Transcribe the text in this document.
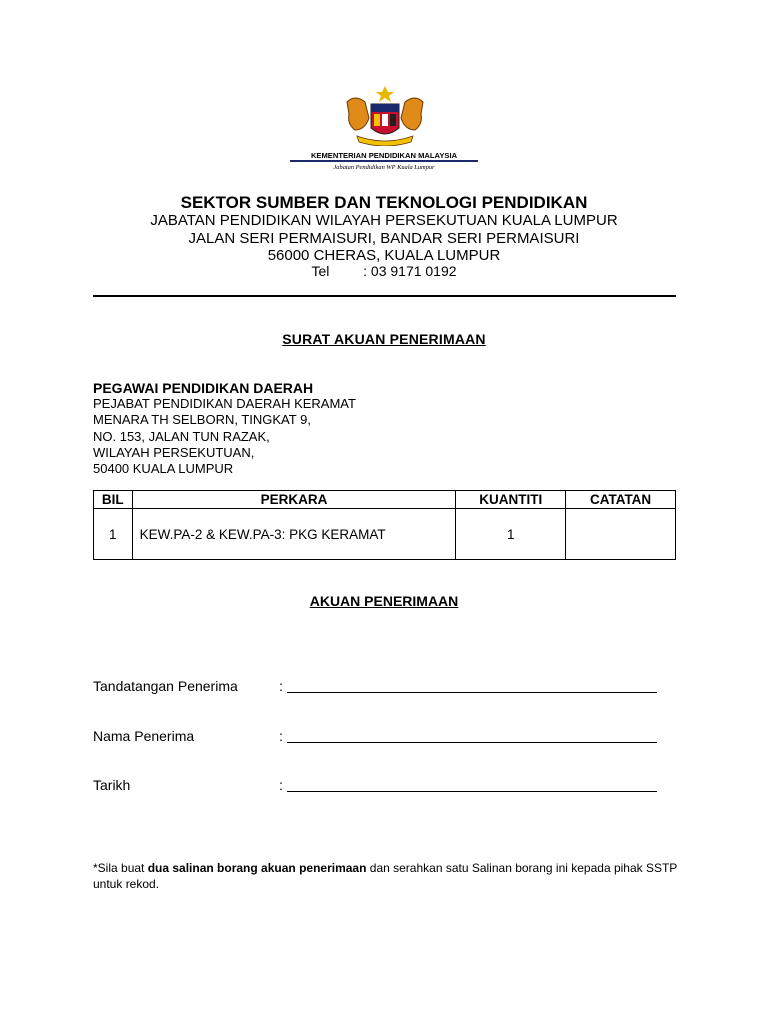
KEMENTERIAN PENDIDIKAN MALAYSIA
Jabatan Pendidikan WP Kuala Lumpur
SEKTOR SUMBER DAN TEKNOLOGI PENDIDIKAN
JABATAN PENDIDIKAN WILAYAH PERSEKUTUAN KUALA LUMPUR
JALAN SERI PERMAISURI, BANDAR SERI PERMAISURI
56000 CHERAS, KUALA LUMPUR
Tel : 03 9171 0192
SURAT AKUAN PENERIMAAN
PEGAWAI PENDIDIKAN DAERAH
PEJABAT PENDIDIKAN DAERAH KERAMAT
MENARA TH SELBORN, TINGKAT 9,
NO. 153, JALAN TUN RAZAK,
WILAYAH PERSEKUTUAN,
50400 KUALA LUMPUR
BIL	PERKARA	KUANTITI	CATATAN
1	KEW.PA-2 & KEW.PA-3: PKG KERAMAT	1	
AKUAN PENERIMAAN
Tandatangan Penerima	:
Nama Penerima	:
Tarikh	:
*Sila buat dua salinan borang akuan penerimaan dan serahkan satu Salinan borang ini kepada pihak SSTP untuk rekod.
